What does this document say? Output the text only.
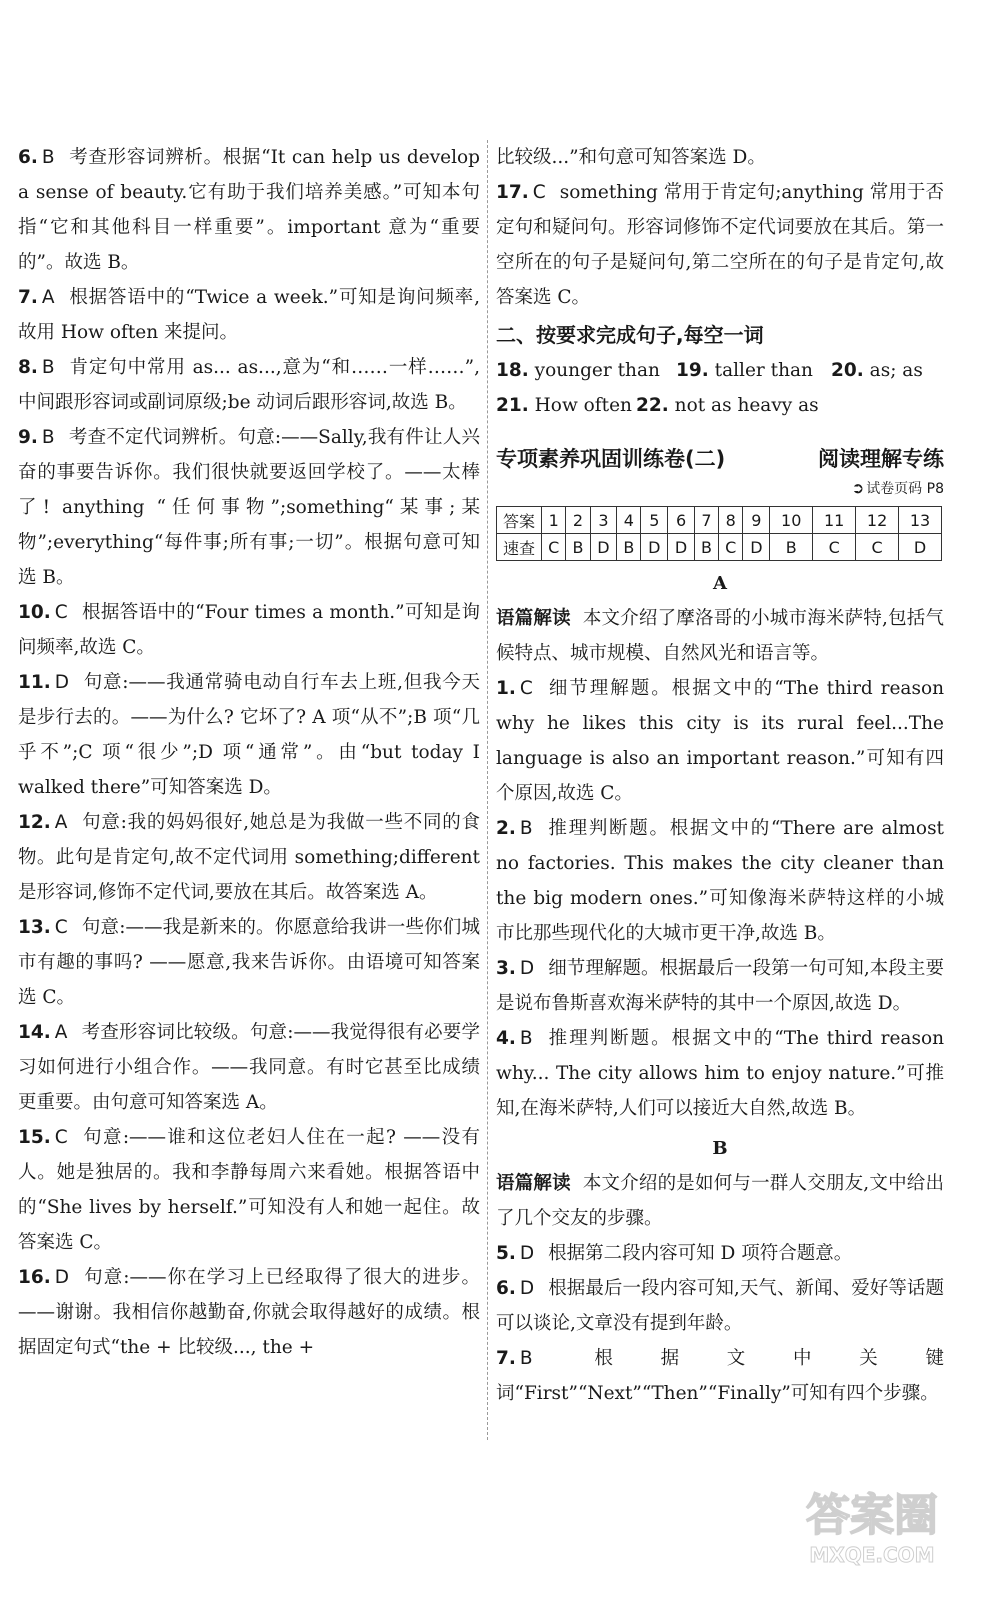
6. B 考查形容词辨析。根据“It can help us develop a sense of beauty.它有助于我们培养美感。”可知本句指“它和其他科目一样重要”。important 意为“重要的”。故选 B。
7. A 根据答语中的“Twice a week.”可知是询问频率,故用 How often 来提问。
8. B 肯定句中常用 as... as...,意为“和……一样……”,中间跟形容词或副词原级;be 动词后跟形容词,故选 B。
9. B 考查不定代词辨析。句意:——Sally,我有件让人兴奋的事要告诉你。我们很快就要返回学校了。——太棒了! anything “任何事物”;something“某事;某物”;everything“每件事;所有事;一切”。根据句意可知选 B。
10. C 根据答语中的“Four times a month.”可知是询问频率,故选 C。
11. D 句意:——我通常骑电动自行车去上班,但我今天是步行去的。——为什么? 它坏了? A 项“从不”;B 项“几乎不”;C 项“很少”;D 项“通常”。由“but today I walked there”可知答案选 D。
12. A 句意:我的妈妈很好,她总是为我做一些不同的食物。此句是肯定句,故不定代词用 something;different 是形容词,修饰不定代词,要放在其后。故答案选 A。
13. C 句意:——我是新来的。你愿意给我讲一些你们城市有趣的事吗? ——愿意,我来告诉你。由语境可知答案选 C。
14. A 考查形容词比较级。句意:——我觉得很有必要学习如何进行小组合作。——我同意。有时它甚至比成绩更重要。由句意可知答案选 A。
15. C 句意:——谁和这位老妇人住在一起? ——没有人。她是独居的。我和李静每周六来看她。根据答语中的“She lives by herself.”可知没有人和她一起住。故答案选 C。
16. D 句意:——你在学习上已经取得了很大的进步。——谢谢。我相信你越勤奋,你就会取得越好的成绩。根据固定句式“the + 比较级..., the +
比较级...”和句意可知答案选 D。
17. C something 常用于肯定句;anything 常用于否定句和疑问句。形容词修饰不定代词要放在其后。第一空所在的句子是疑问句,第二空所在的句子是肯定句,故答案选 C。
二、按要求完成句子,每空一词
18. younger than 19. taller than 20. as; as
21. How often 22. not as heavy as
专项素养巩固训练卷(二)	阅读理解专练
➲ 试卷页码 P8
答案	1	2	3	4	5	6	7	8	9	10	11	12	13
速查	C	B	D	B	D	D	B	C	D	B	C	C	D
A
语篇解读 本文介绍了摩洛哥的小城市海米萨特,包括气候特点、城市规模、自然风光和语言等。
1. C 细节理解题。根据文中的“The third reason why he likes this city is its rural feel...The language is also an important reason.”可知有四个原因,故选 C。
2. B 推理判断题。根据文中的“There are almost no factories. This makes the city cleaner than the big modern ones.”可知像海米萨特这样的小城市比那些现代化的大城市更干净,故选 B。
3. D 细节理解题。根据最后一段第一句可知,本段主要是说布鲁斯喜欢海米萨特的其中一个原因,故选 D。
4. B 推理判断题。根据文中的“The third reason why... The city allows him to enjoy nature.”可推知,在海米萨特,人们可以接近大自然,故选 B。
B
语篇解读 本文介绍的是如何与一群人交朋友,文中给出了几个交友的步骤。
5. D 根据第二段内容可知 D 项符合题意。
6. D 根据最后一段内容可知,天气、新闻、爱好等话题可以谈论,文章没有提到年龄。
7. B 根据文中关键词“First”“Next”“Then”“Finally”可知有四个步骤。
答案圈
MXQE.COM
